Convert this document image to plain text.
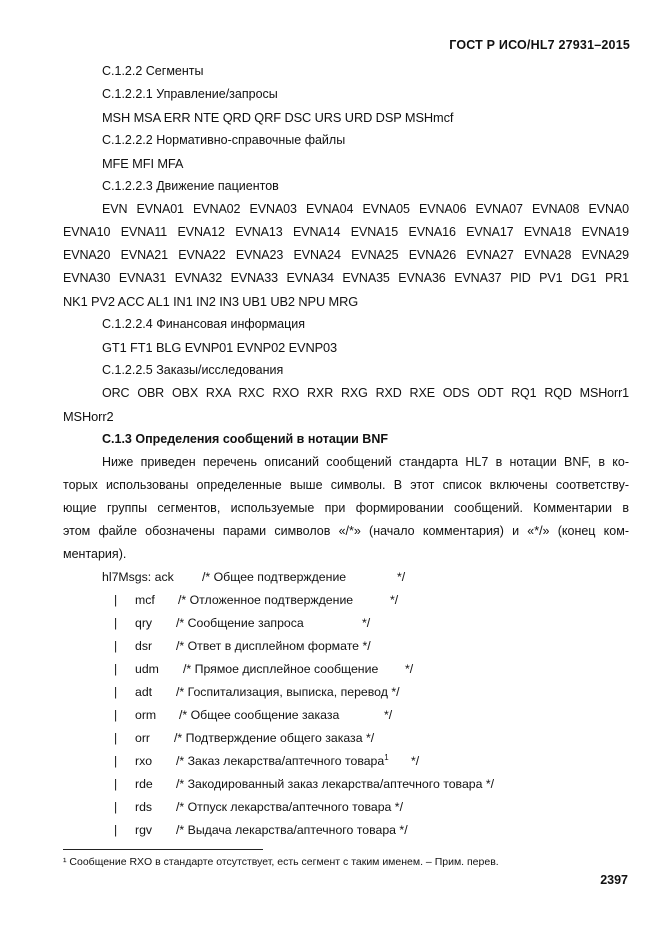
ГОСТ Р ИСО/HL7 27931–2015
С.1.2.2 Сегменты
С.1.2.2.1 Управление/запросы
MSH MSA ERR NTE QRD QRF DSC URS URD DSP MSHmcf
С.1.2.2.2 Нормативно-справочные файлы
MFE MFI MFA
С.1.2.2.3 Движение пациентов
EVN EVNA01 EVNA02 EVNA03 EVNA04 EVNA05 EVNA06 EVNA07 EVNA08 EVNA0
EVNA10 EVNA11 EVNA12 EVNA13 EVNA14 EVNA15 EVNA16 EVNA17 EVNA18 EVNA19
EVNA20 EVNA21 EVNA22 EVNA23 EVNA24 EVNA25 EVNA26 EVNA27 EVNA28 EVNA29
EVNA30 EVNA31 EVNA32 EVNA33 EVNA34 EVNA35 EVNA36 EVNA37 PID PV1 DG1 PR1
NK1 PV2 ACC AL1 IN1 IN2 IN3 UB1 UB2 NPU MRG
С.1.2.2.4 Финансовая информация
GT1 FT1 BLG EVNP01 EVNP02 EVNP03
С.1.2.2.5 Заказы/исследования
ORC OBR OBX RXA RXC RXO RXR RXG RXD RXE ODS ODT RQ1 RQD MSHorr1
MSHorr2
С.1.3 Определения сообщений в нотации BNF
Ниже приведен перечень описаний сообщений стандарта HL7 в нотации BNF, в ко-
торых использованы определенные выше символы. В этот список включены соответству-
ющие группы сегментов, используемые при формировании сообщений. Комментарии в
этом файле обозначены парами символов «/*» (начало комментария) и «*/» (конец ком-
ментария).
hl7Msgs: ack /* Общее подтверждение	*/
| mcf /* Отложенное подтверждение	*/
| qry /* Сообщение запроса	*/
| dsr /* Ответ в дисплейном формате */
| udm /* Прямое дисплейное сообщение */
| adt /* Госпитализация, выписка, перевод */
| orm /* Общее сообщение заказа	*/
| orr /* Подтверждение общего заказа */
| rxo /* Заказ лекарства/аптечного товара$^1$ */
| rde /* Закодированный заказ лекарства/аптечного товара */
| rds /* Отпуск лекарства/аптечного товара */
| rgv /* Выдача лекарства/аптечного товара */
¹ Сообщение RXO в стандарте отсутствует, есть сегмент с таким именем. – Прим. перев.
2397
